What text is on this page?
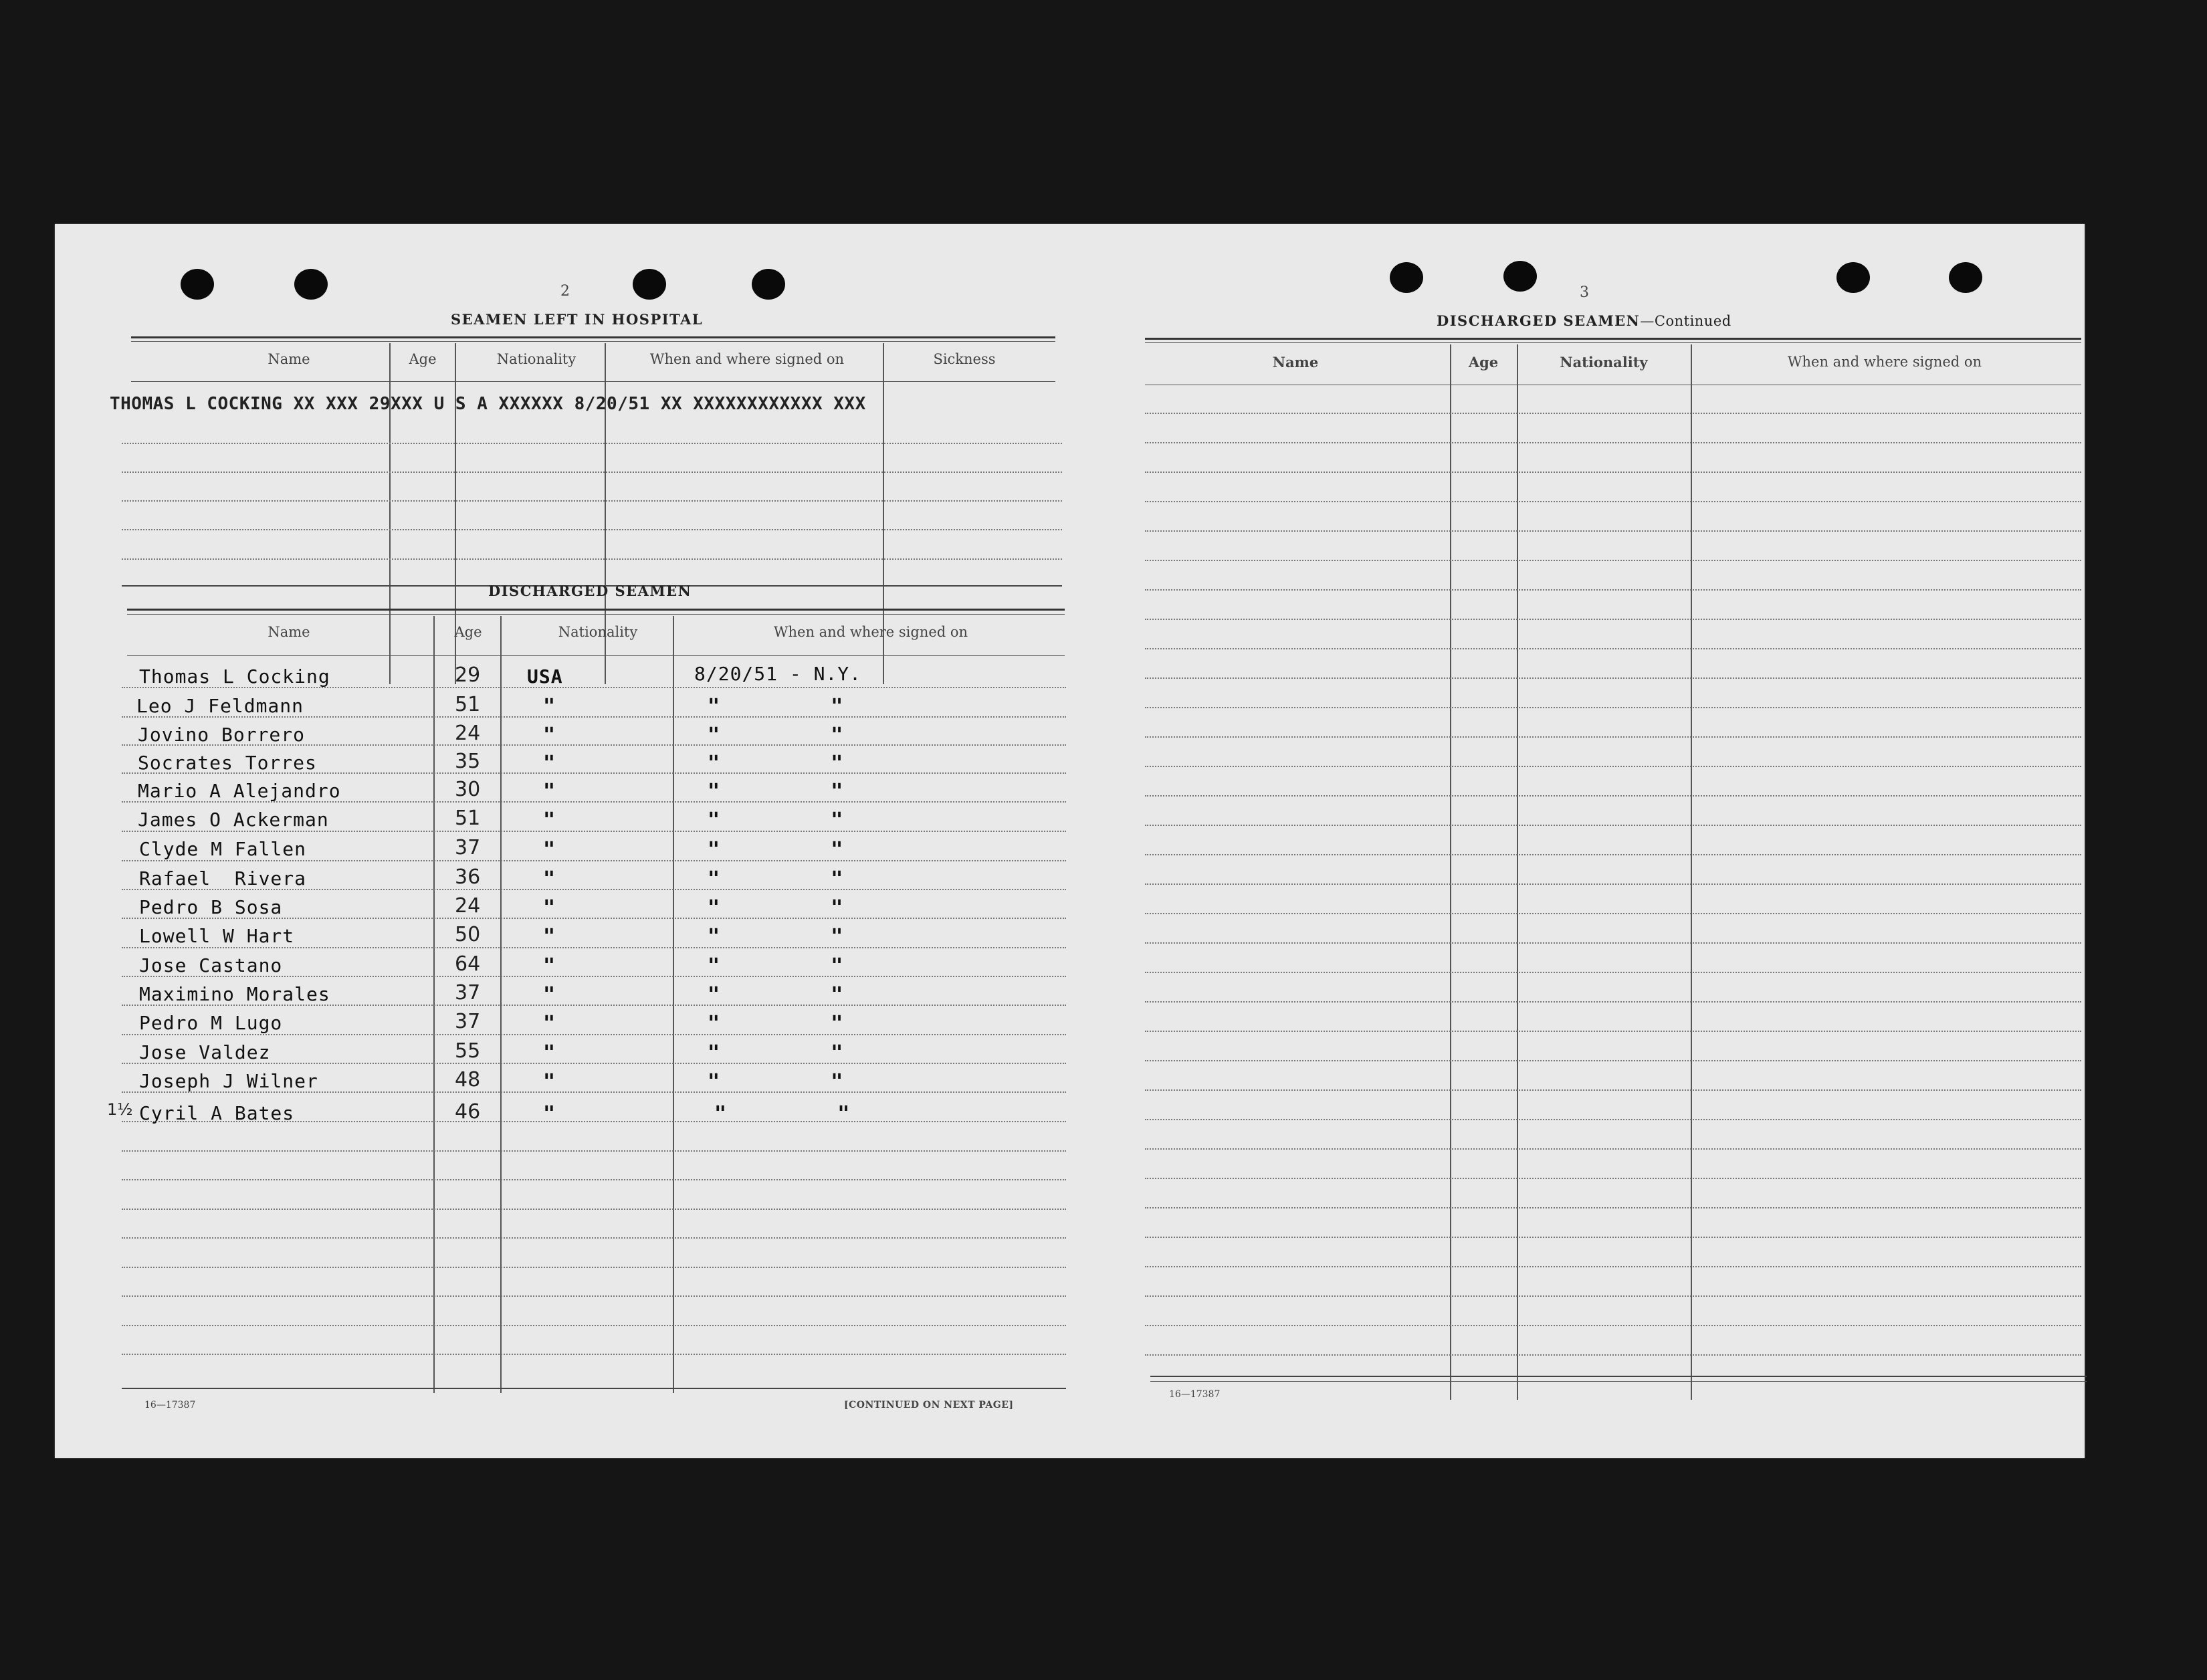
2
SEAMEN LEFT IN HOSPITAL
Name	Age	Nationality	When and where signed on	Sickness
THOMAS L COCKING XX XXX 29XXX U S A XXXXXX 8/20/51 XX XXXXXXXXXXXX XXX
DISCHARGED SEAMEN
Name	Age	Nationality	When and where signed on
Thomas L Cocking	29 USA	8/20/51 - N.Y.
Leo J Feldmann	51	"	"   "
Jovino Borrero	24	"	"   "
Socrates Torres	35	"	"   "
Mario A Alejandro	30	"	"   "
James O Ackerman	51	"	"   "
Clyde M Fallen	37	"	"   "
Rafael  Rivera	36	"	"   "
Pedro B Sosa	24	"	"   "
Lowell W Hart	50	"	"   "
Jose Castano	64	"	"   "
Maximino Morales	37	"	"   "
Pedro M Lugo	37	"	"   "
Jose Valdez	55	"	"   "
Joseph J Wilner	48	"	"   "
1½ Cyril A Bates	46	"	"   "
16—17387	[CONTINUED ON NEXT PAGE]
3
DISCHARGED SEAMEN—Continued
Name	Age	Nationality	When and where signed on
16—17387
